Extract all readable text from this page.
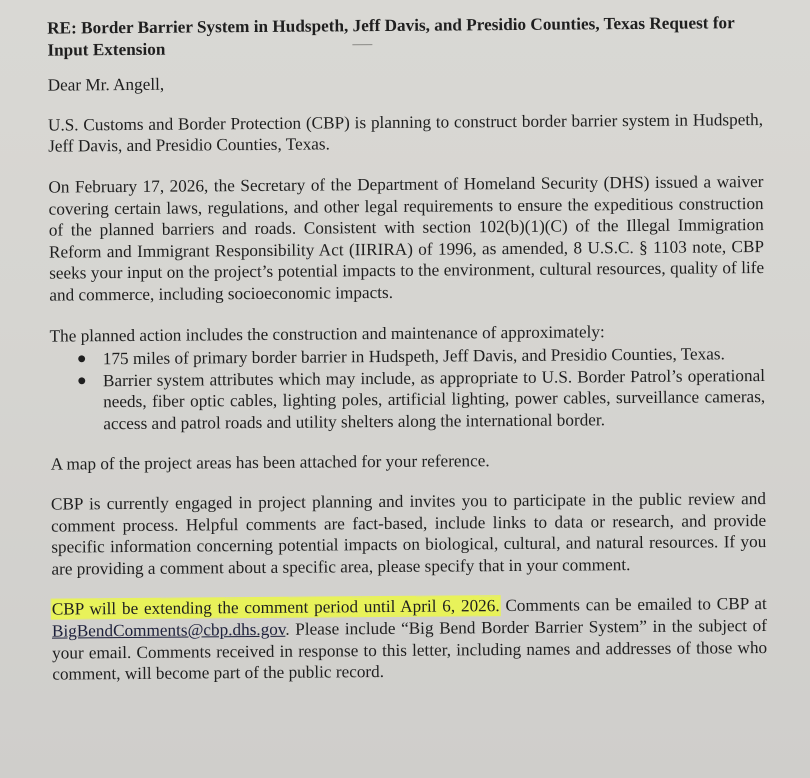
RE: Border Barrier System in Hudspeth, Jeff Davis, and Presidio Counties, Texas Request for Input Extension

Dear Mr. Angell,

U.S. Customs and Border Protection (CBP) is planning to construct border barrier system in Hudspeth, Jeff Davis, and Presidio Counties, Texas.

On February 17, 2026, the Secretary of the Department of Homeland Security (DHS) issued a waiver covering certain laws, regulations, and other legal requirements to ensure the expeditious construction of the planned barriers and roads. Consistent with section 102(b)(1)(C) of the Illegal Immigration Reform and Immigrant Responsibility Act (IIRIRA) of 1996, as amended, 8 U.S.C. § 1103 note, CBP seeks your input on the project’s potential impacts to the environment, cultural resources, quality of life and commerce, including socioeconomic impacts.

The planned action includes the construction and maintenance of approximately:

● 175 miles of primary border barrier in Hudspeth, Jeff Davis, and Presidio Counties, Texas.
● Barrier system attributes which may include, as appropriate to U.S. Border Patrol’s operational needs, fiber optic cables, lighting poles, artificial lighting, power cables, surveillance cameras, access and patrol roads and utility shelters along the international border.

A map of the project areas has been attached for your reference.

CBP is currently engaged in project planning and invites you to participate in the public review and comment process. Helpful comments are fact-based, include links to data or research, and provide specific information concerning potential impacts on biological, cultural, and natural resources. If you are providing a comment about a specific area, please specify that in your comment.

CBP will be extending the comment period until April 6, 2026. Comments can be emailed to CBP at BigBendComments@cbp.dhs.gov. Please include “Big Bend Border Barrier System” in the subject of your email. Comments received in response to this letter, including names and addresses of those who comment, will become part of the public record.
